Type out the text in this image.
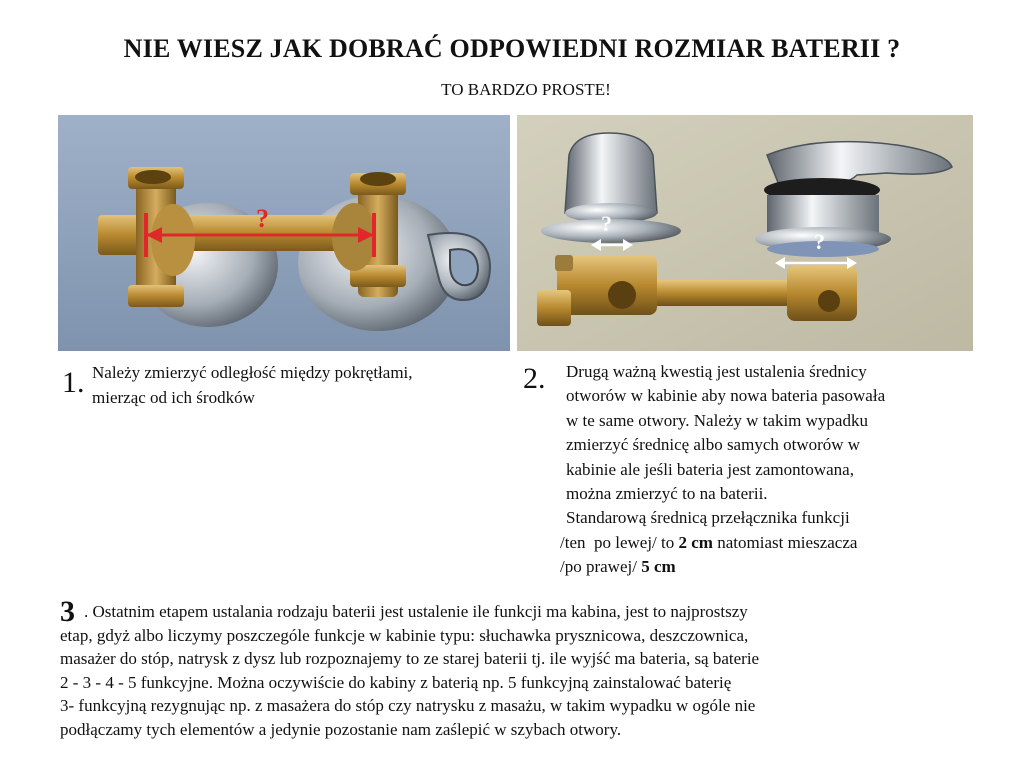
NIE WIESZ JAK DOBRAĆ ODPOWIEDNI ROZMIAR BATERII ?
TO BARDZO PROSTE!
?	?
?
1. Należy zmierzyć odległość między pokrętłami,
mierząc od ich środków
2. Drugą ważną kwestią jest ustalenia średnicy
otworów w kabinie aby nowa bateria pasowała
w te same otwory. Należy w takim wypadku
zmierzyć średnicę albo samych otworów w
kabinie ale jeśli bateria jest zamontowana,
można zmierzyć to na baterii.
Standarową średnicą przełącznika funkcji
/ten  po lewej/ to 2 cm natomiast mieszacza
/po prawej/ 5 cm
3 . Ostatnim etapem ustalania rodzaju baterii jest ustalenie ile funkcji ma kabina, jest to najprostszy
etap, gdyż albo liczymy poszczególe funkcje w kabinie typu: słuchawka prysznicowa, deszczownica,
masażer do stóp, natrysk z dysz lub rozpoznajemy to ze starej baterii tj. ile wyjść ma bateria, są baterie
2 - 3 - 4 - 5 funkcyjne. Można oczywiście do kabiny z baterią np. 5 funkcyjną zainstalować baterię
3- funkcyjną rezygnując np. z masażera do stóp czy natrysku z masażu, w takim wypadku w ogóle nie
podłączamy tych elementów a jedynie pozostanie nam zaślepić w szybach otwory.
